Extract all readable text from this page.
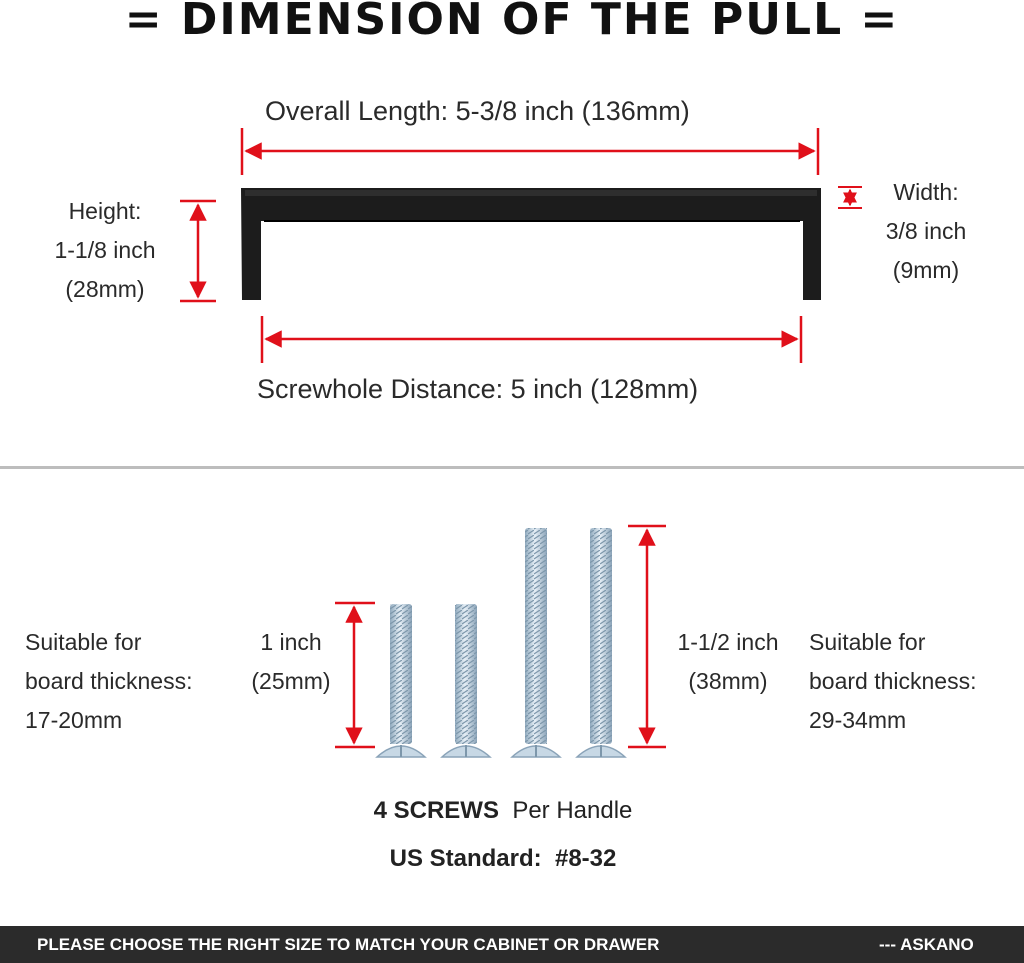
= DIMENSION OF THE PULL =
Overall Length: 5-3/8 inch (136mm)
Screwhole Distance: 5 inch (128mm)
Height:
1-1/8 inch
(28mm)
Width:
3/8 inch
(9mm)
Suitable for
board thickness:
17-20mm
1 inch
(25mm)
1-1/2 inch
(38mm)
Suitable for
board thickness:
29-34mm
4 SCREWS Per Handle
US Standard:  #8-32
PLEASE CHOOSE THE RIGHT SIZE TO MATCH YOUR CABINET OR DRAWER	--- ASKANO
